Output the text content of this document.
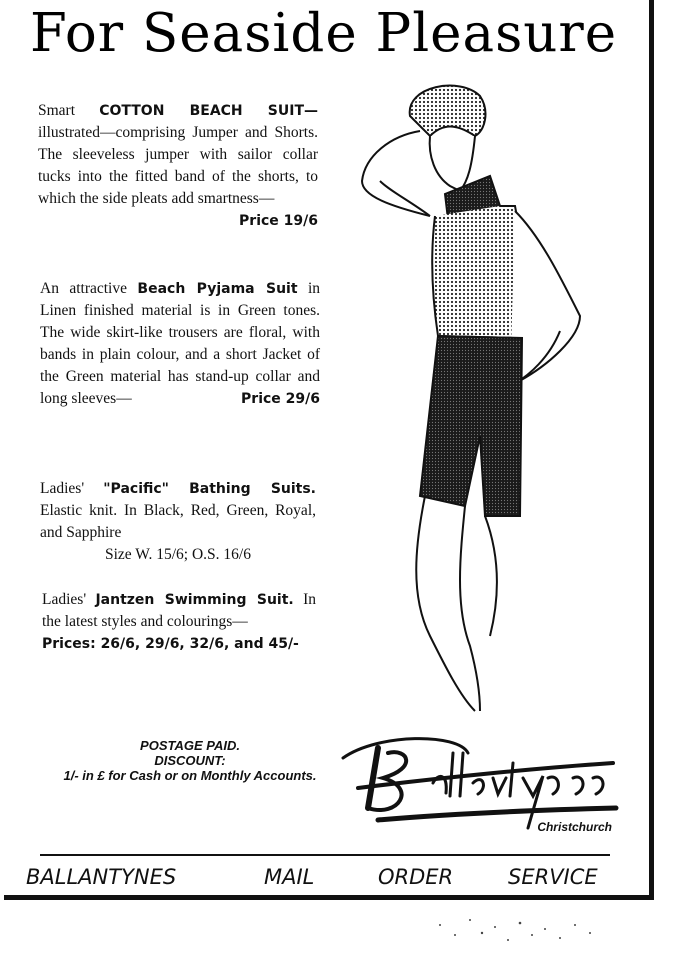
For Seaside Pleasure
Smart COTTON BEACH SUIT— illustrated—comprising Jumper and Shorts. The sleeveless jumper with sailor collar tucks into the fitted band of the shorts, to which the side pleats add smartness—
Price 19/6
An attractive Beach Pyjama Suit in Linen finished material is in Green tones. The wide skirt-like trousers are floral, with bands in plain colour, and a short Jacket of the Green material has stand-up collar and long sleeves—	Price 29/6
Ladies' "Pacific" Bathing Suits. Elastic knit. In Black, Red, Green, Royal, and Sapphire
Size W. 15/6; O.S. 16/6
Ladies' Jantzen Swimming Suit. In the latest styles and colourings—
Prices: 26/6, 29/6, 32/6, and 45/-
POSTAGE PAID.
DISCOUNT:
1/- in £ for Cash or on Monthly Accounts.
Christchurch
BALLANTYNES	MAIL	ORDER	SERVICE
